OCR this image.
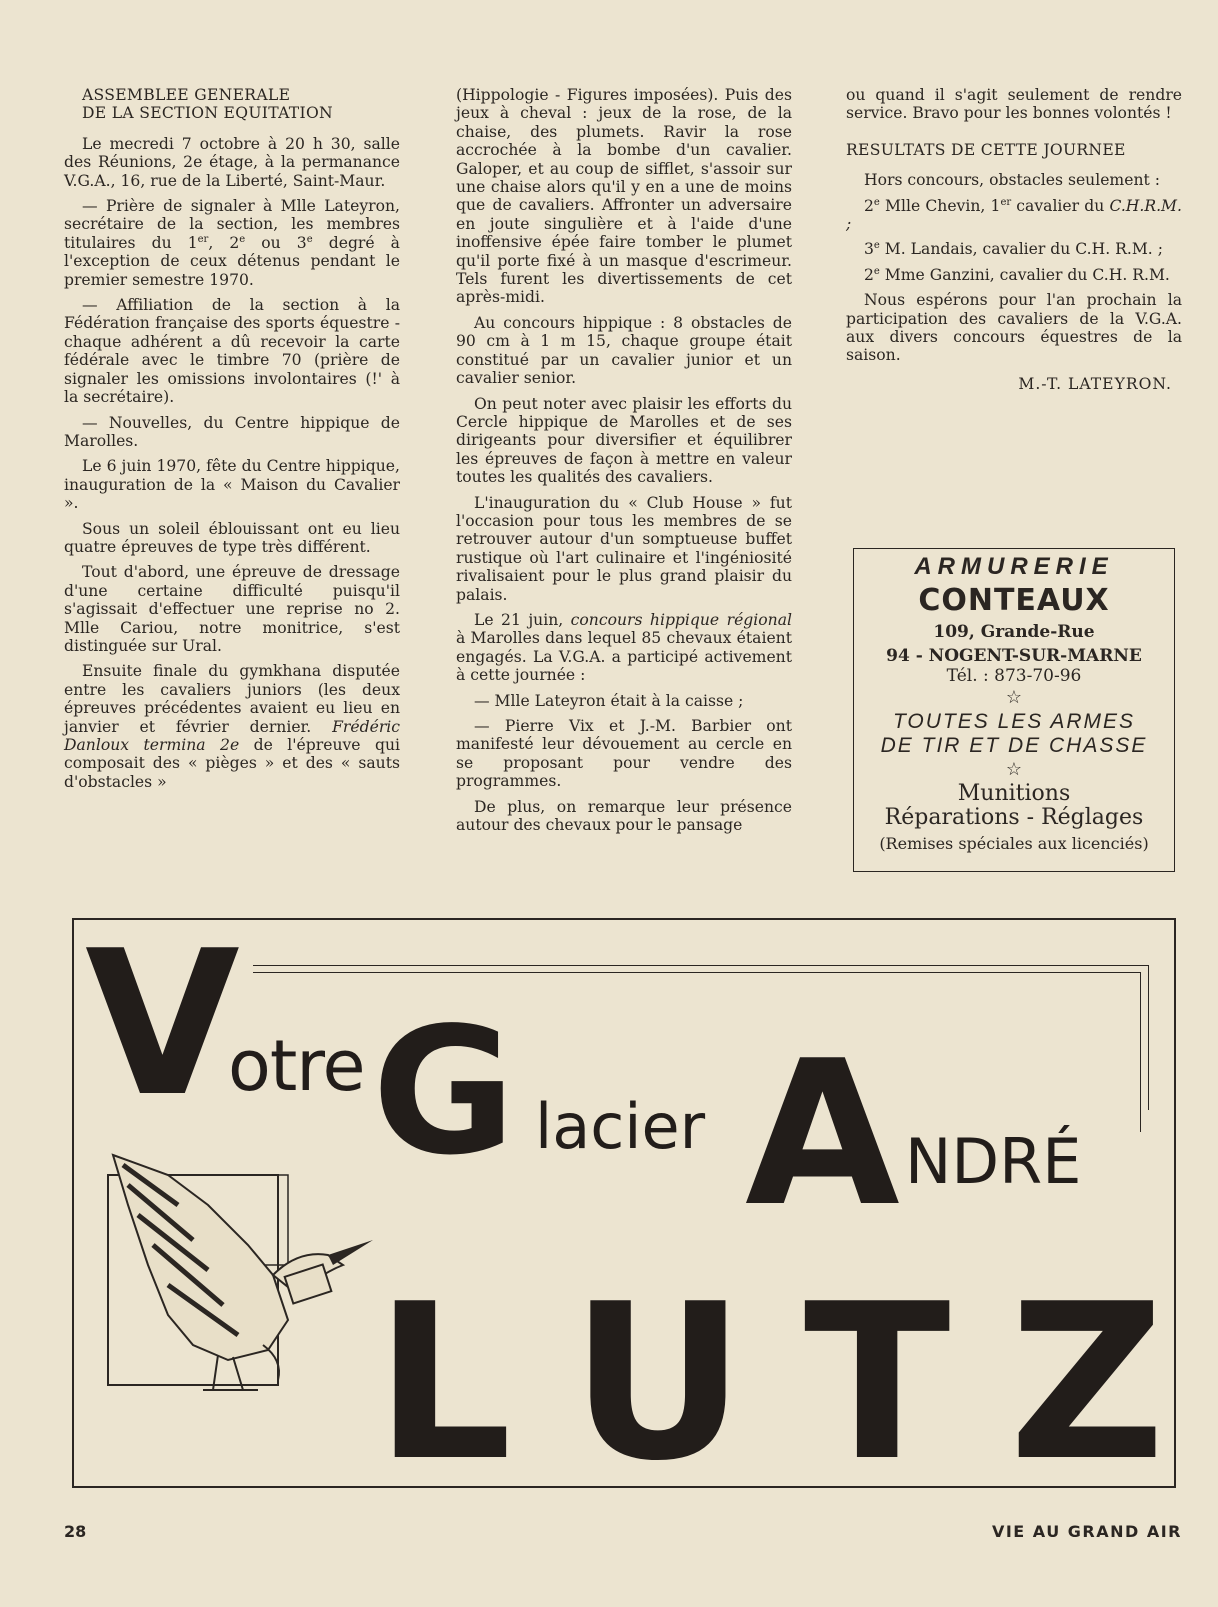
ASSEMBLEE GENERALE
DE LA SECTION EQUITATION

Le mecredi 7 octobre à 20 h 30, salle des Réunions, 2e étage, à la permanance V.G.A., 16, rue de la Liberté, Saint-Maur.

— Prière de signaler à Mlle Lateyron, secrétaire de la section, les membres titulaires du 1er, 2e ou 3e degré à l'exception de ceux détenus pendant le premier semestre 1970.

— Affiliation de la section à la Fédération française des sports équestre - chaque adhérent a dû recevoir la carte fédérale avec le timbre 70 (prière de signaler les omissions involontaires (!' à la secrétaire).

— Nouvelles, du Centre hippique de Marolles.

Le 6 juin 1970, fête du Centre hippique, inauguration de la « Maison du Cavalier ».

Sous un soleil éblouissant ont eu lieu quatre épreuves de type très différent.

Tout d'abord, une épreuve de dressage d'une certaine difficulté puisqu'il s'agissait d'effectuer une reprise no 2. Mlle Cariou, notre monitrice, s'est distinguée sur Ural.

Ensuite finale du gymkhana disputée entre les cavaliers juniors (les deux épreuves précédentes avaient eu lieu en janvier et février dernier. Frédéric Danloux termina 2e de l'épreuve qui composait des « pièges » et des « sauts d'obstacles »

(Hippologie - Figures imposées). Puis des jeux à cheval : jeux de la rose, de la chaise, des plumets. Ravir la rose accrochée à la bombe d'un cavalier. Galoper, et au coup de sifflet, s'assoir sur une chaise alors qu'il y en a une de moins que de cavaliers. Affronter un adversaire en joute singulière et à l'aide d'une inoffensive épée faire tomber le plumet qu'il porte fixé à un masque d'escrimeur. Tels furent les divertissements de cet après-midi.

Au concours hippique : 8 obstacles de 90 cm à 1 m 15, chaque groupe était constitué par un cavalier junior et un cavalier senior.

On peut noter avec plaisir les efforts du Cercle hippique de Marolles et de ses dirigeants pour diversifier et équilibrer les épreuves de façon à mettre en valeur toutes les qualités des cavaliers.

L'inauguration du « Club House » fut l'occasion pour tous les membres de se retrouver autour d'un somptueuse buffet rustique où l'art culinaire et l'ingéniosité rivalisaient pour le plus grand plaisir du palais.

Le 21 juin, concours hippique régional à Marolles dans lequel 85 chevaux étaient engagés. La V.G.A. a participé activement à cette journée :

— Mlle Lateyron était à la caisse ;

— Pierre Vix et J.-M. Barbier ont manifesté leur dévouement au cercle en se proposant pour vendre des programmes.

De plus, on remarque leur présence autour des chevaux pour le pansage

ou quand il s'agit seulement de rendre service. Bravo pour les bonnes volontés !

RESULTATS DE CETTE JOURNEE

Hors concours, obstacles seulement :

2e Mlle Chevin, 1er cavalier du C.H.R.M. ;

3e M. Landais, cavalier du C.H. R.M. ;

2e Mme Ganzini, cavalier du C.H. R.M.

Nous espérons pour l'an prochain la participation des cavaliers de la V.G.A. aux divers concours équestres de la saison.

M.-T. LATEYRON.

ARMURERIE
CONTEAUX
109, Grande-Rue
94 - NOGENT-SUR-MARNE
Tél. : 873-70-96
☆
TOUTES LES ARMES
DE TIR ET DE CHASSE
☆
Munitions
Réparations - Réglages
(Remises spéciales aux licenciés)
V
otre G lacier A NDRÉ
L U T Z
28	VIE AU GRAND AIR
